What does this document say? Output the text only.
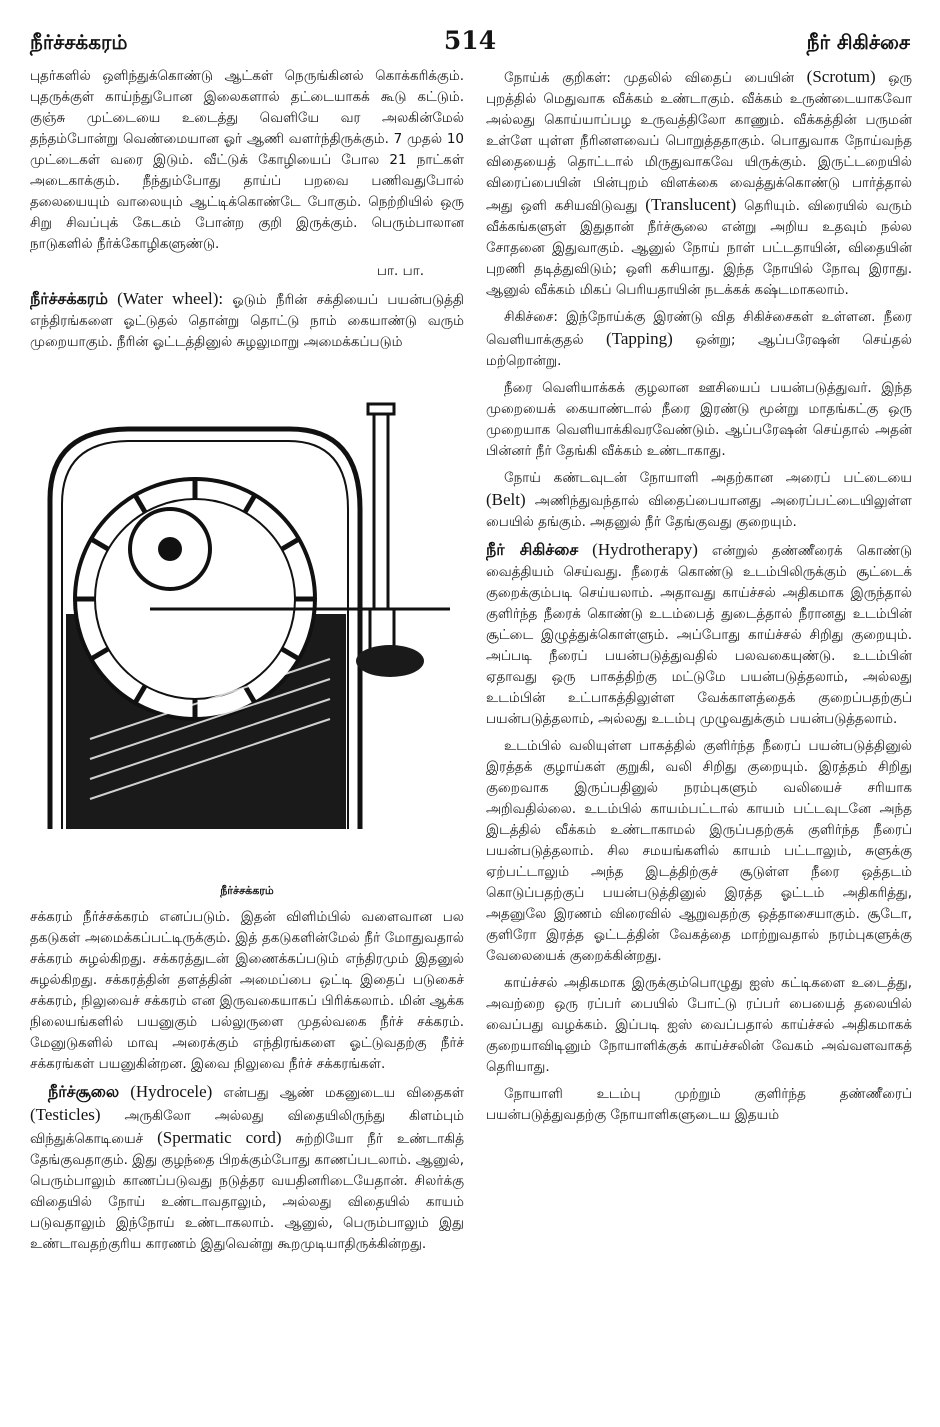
நீர்ச்சக்கரம்	514	நீர் சிகிச்சை

புதர்களில் ஒளிந்துக்கொண்டு ஆட்கள் நெருங்கினல் கொக்கரிக்கும். புதருக்குள் காய்ந்துபோன இலைகளால் தட்டையாகக் கூடு கட்டும். குஞ்சு முட்டையை உடைத்து வெளியே வர அலகின்மேல் தந்தம்போன்று வெண்மையான ஓர் ஆணி வளர்ந்திருக்கும். 7 முதல் 10 முட்டைகள் வரை இடும். வீட்டுக் கோழியைப் போல 21 நாட்கள் அடைகாக்கும். நீந்தும்போது தாய்ப் பறவை பணிவதுபோல் தலையையும் வாலையும் ஆட்டிக்கொண்டே போகும். நெற்றியில் ஒரு சிறு சிவப்புக் கேடகம் போன்ற குறி இருக்கும். பெரும்பாலான நாடுகளில் நீர்க்கோழிகளுண்டு.

பா. பா.

நீர்ச்சக்கரம் (Water wheel): ஓடும் நீரின் சக்தியைப் பயன்படுத்தி எந்திரங்களை ஓட்டுதல் தொன்று தொட்டு நாம் கையாண்டு வரும் முறையாகும். நீரின் ஓட்டத்தினுல் சுழலுமாறு அமைக்கப்படும்

நீர்ச்சக்கரம்

சக்கரம் நீர்ச்சக்கரம் எனப்படும். இதன் விளிம்பில் வளைவான பல தகடுகள் அமைக்கப்பட்டிருக்கும். இத் தகடுகளின்மேல் நீர் மோதுவதால் சக்கரம் சுழல்கிறது. சக்கரத்துடன் இணைக்கப்படும் எந்திரமும் இதனுல் சுழல்கிறது. சக்கரத்தின் தளத்தின் அமைப்பை ஒட்டி இதைப் படுகைச் சக்கரம், நிலுவைச் சக்கரம் என இருவகையாகப் பிரிக்கலாம். மின் ஆக்க நிலையங்களில் பயனுகும் பல்லுருளை முதல்வகை நீர்ச் சக்கரம். மேனுடுகளில் மாவு அரைக்கும் எந்திரங்களை ஓட்டுவதற்கு நீர்ச் சக்கரங்கள் பயனுகின்றன. இவை நிலுவை நீர்ச் சக்கரங்கள்.

நீர்ச்சூலை (Hydrocele) என்பது ஆண் மகனுடைய விதைகள் (Testicles) அருகிலோ அல்லது விதையிலிருந்து கிளம்பும் விந்துக்கொடியைச் (Spermatic cord) சுற்றியோ நீர் உண்டாகித் தேங்குவதாகும். இது குழந்தை பிறக்கும்போது காணப்படலாம். ஆனுல், பெரும்பாலும் காணப்படுவது நடுத்தர வயதினரிடையேதான். சிலர்க்கு விதையில் நோய் உண்டாவதாலும், அல்லது விதையில் காயம் படுவதாலும் இந்நோய் உண்டாகலாம். ஆனுல், பெரும்பாலும் இது உண்டாவதற்குரிய காரணம் இதுவென்று கூறமுடியாதிருக்கின்றது.

நோய்க் குறிகள்: முதலில் விதைப் பையின் (Scrotum) ஒரு புறத்தில் மெதுவாக வீக்கம் உண்டாகும். வீக்கம் உருண்டையாகவோ அல்லது கொய்யாப்பழ உருவத்திலோ காணும். வீக்கத்தின் பருமன் உள்ளே யுள்ள நீரினளவைப் பொறுத்ததாகும். பொதுவாக நோய்வந்த விதையைத் தொட்டால் மிருதுவாகவே யிருக்கும். இருட்டறையில் விரைப்பையின் பின்புறம் விளக்கை வைத்துக்கொண்டு பார்த்தால் அது ஒளி கசியவிடுவது (Translucent) தெரியும். விரையில் வரும் வீக்கங்களுள் இதுதான் நீர்ச்சூலை என்று அறிய உதவும் நல்ல சோதனை இதுவாகும். ஆனுல் நோய் நாள் பட்டதாயின், விதையின் புறணி தடித்துவிடும்; ஒளி கசியாது. இந்த நோயில் நோவு இராது. ஆனுல் வீக்கம் மிகப் பெரியதாயின் நடக்கக் கஷ்டமாகலாம்.

சிகிச்சை: இந்நோய்க்கு இரண்டு வித சிகிச்சைகள் உள்ளன. நீரை வெளியாக்குதல் (Tapping) ஒன்று; ஆப்பரேஷன் செய்தல் மற்றொன்று.

நீரை வெளியாக்கக் குழலான ஊசியைப் பயன்படுத்துவர். இந்த முறையைக் கையாண்டால் நீரை இரண்டு மூன்று மாதங்கட்கு ஒரு முறையாக வெளியாக்கிவரவேண்டும். ஆப்பரேஷன் செய்தால் அதன் பின்னர் நீர் தேங்கி வீக்கம் உண்டாகாது.

நோய் கண்டவுடன் நோயாளி அதற்கான அரைப் பட்டையை (Belt) அணிந்துவந்தால் விதைப்பையானது அரைப்பட்டையிலுள்ள பையில் தங்கும். அதனுல் நீர் தேங்குவது குறையும்.

நீர் சிகிச்சை (Hydrotherapy) என்றுல் தண்ணீரைக் கொண்டு வைத்தியம் செய்வது. நீரைக் கொண்டு உடம்பிலிருக்கும் சூட்டைக் குறைக்கும்படி செய்யலாம். அதாவது காய்ச்சல் அதிகமாக இருந்தால் குளிர்ந்த நீரைக் கொண்டு உடம்பைத் துடைத்தால் நீரானது உடம்பின் சூட்டை இழுத்துக்கொள்ளும். அப்போது காய்ச்சல் சிறிது குறையும். அப்படி நீரைப் பயன்படுத்துவதில் பலவகையுண்டு. உடம்பின் ஏதாவது ஒரு பாகத்திற்கு மட்டுமே பயன்படுத்தலாம், அல்லது உடம்பின் உட்பாகத்திலுள்ள வேக்காளத்தைக் குறைப்பதற்குப் பயன்படுத்தலாம், அல்லது உடம்பு முழுவதுக்கும் பயன்படுத்தலாம்.

உடம்பில் வலியுள்ள பாகத்தில் குளிர்ந்த நீரைப் பயன்படுத்தினுல் இரத்தக் குழாய்கள் குறுகி, வலி சிறிது குறையும். இரத்தம் சிறிது குறைவாக இருப்பதினுல் நரம்புகளும் வலியைச் சரியாக அறிவதில்லை. உடம்பில் காயம்பட்டால் காயம் பட்டவுடனே அந்த இடத்தில் வீக்கம் உண்டாகாமல் இருப்பதற்குக் குளிர்ந்த நீரைப் பயன்படுத்தலாம். சில சமயங்களில் காயம் பட்டாலும், சுளுக்கு ஏற்பட்டாலும் அந்த இடத்திற்குச் சூடுள்ள நீரை ஒத்தடம் கொடுப்பதற்குப் பயன்படுத்தினுல் இரத்த ஓட்டம் அதிகரித்து, அதனுலே இரணம் விரைவில் ஆறுவதற்கு ஒத்தாசையாகும். சூடோ, குளிரோ இரத்த ஓட்டத்தின் வேகத்தை மாற்றுவதால் நரம்புகளுக்கு வேலையைக் குறைக்கின்றது.

காய்ச்சல் அதிகமாக இருக்கும்பொழுது ஐஸ் கட்டிகளை உடைத்து, அவற்றை ஒரு ரப்பர் பையில் போட்டு ரப்பர் பையைத் தலையில் வைப்பது வழக்கம். இப்படி ஐஸ் வைப்பதால் காய்ச்சல் அதிகமாகக் குறையாவிடினும் நோயாளிக்குக் காய்ச்சலின் வேகம் அவ்வளவாகத் தெரியாது.

நோயாளி உடம்பு முற்றும் குளிர்ந்த தண்ணீரைப் பயன்படுத்துவதற்கு நோயாளிகளுடைய இதயம்
